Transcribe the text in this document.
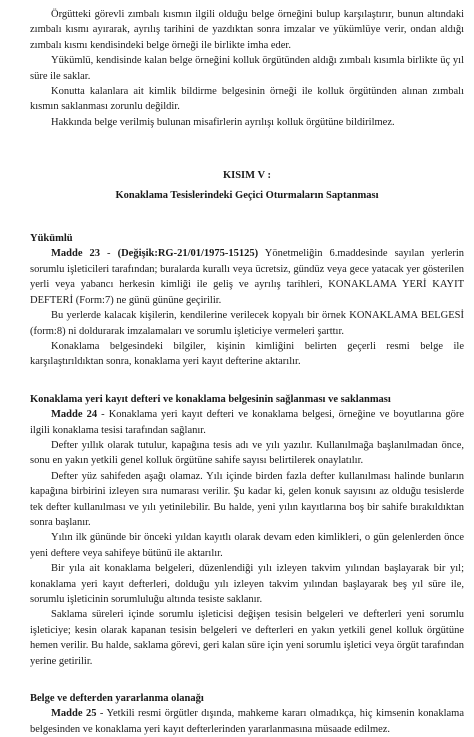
Örgütteki görevli zımbalı kısmın ilgili olduğu belge örneğini bulup karşılaştırır, bunun altındaki zımbalı kısmı ayırarak, ayrılış tarihini de yazdıktan sonra imzalar ve yükümlüye verir, ondan aldığı zımbalı kısmı kendisindeki belge örneği ile birlikte imha eder.

Yükümlü, kendisinde kalan belge örneğini kolluk örgütünden aldığı zımbalı kısımla birlikte üç yıl süre ile saklar.

Konutta kalanlara ait kimlik bildirme belgesinin örneği ile kolluk örgütünden alınan zımbalı kısmın saklanması zorunlu değildir.

Hakkında belge verilmiş bulunan misafirlerin ayrılışı kolluk örgütüne bildirilmez.

KISIM V :

Konaklama Tesislerindeki Geçici Oturmaların Saptanması

Yükümlü

Madde 23 - (Değişik:RG-21/01/1975-15125) Yönetmeliğin 6.maddesinde sayılan yerlerin sorumlu işleticileri tarafından; buralarda kurallı veya ücretsiz, gündüz veya gece yatacak yer gösterilen yerli veya yabancı herkesin kimliği ile geliş ve ayrılış tarihleri, KONAKLAMA YERİ KAYIT DEFTERİ (Form:7) ne günü gününe geçirilir.

Bu yerlerde kalacak kişilerin, kendilerine verilecek kopyalı bir örnek KONAKLAMA BELGESİ (form:8) ni doldurarak imzalamaları ve sorumlu işleticiye vermeleri şarttır.

Konaklama belgesindeki bilgiler, kişinin kimliğini belirten geçerli resmi belge ile karşılaştırıldıktan sonra, konaklama yeri kayıt defterine aktarılır.

Konaklama yeri kayıt defteri ve konaklama belgesinin sağlanması ve saklanması

Madde 24 - Konaklama yeri kayıt defteri ve konaklama belgesi, örneğine ve boyutlarına göre ilgili konaklama tesisi tarafından sağlanır.

Defter yıllık olarak tutulur, kapağına tesis adı ve yılı yazılır. Kullanılmağa başlanılmadan önce, sonu en yakın yetkili genel kolluk örgütüne sahife sayısı belirtilerek onaylatılır.

Defter yüz sahifeden aşağı olamaz. Yılı içinde birden fazla defter kullanılması halinde bunların kapağına birbirini izleyen sıra numarası verilir. Şu kadar ki, gelen konuk sayısını az olduğu tesislerde tek defter kullanılması ve yılı yetinilebilir. Bu halde, yeni yılın kayıtlarına boş bir sahife bırakıldıktan sonra başlanır.

Yılın ilk gününde bir önceki yıldan kayıtlı olarak devam eden kimlikleri, o gün gelenlerden önce yeni deftere veya sahifeye bütünü ile aktarılır.

Bir yıla ait konaklama belgeleri, düzenlendiği yılı izleyen takvim yılından başlayarak bir yıl; konaklama yeri kayıt defterleri, dolduğu yılı izleyen takvim yılından başlayarak beş yıl süre ile, sorumlu işleticinin sorumluluğu altında tesiste saklanır.

Saklama süreleri içinde sorumlu işleticisi değişen tesisin belgeleri ve defterleri yeni sorumlu işleticiye; kesin olarak kapanan tesisin belgeleri ve defterleri en yakın yetkili genel kolluk örgütüne hemen verilir. Bu halde, saklama görevi, geri kalan süre için yeni sorumlu işletici veya örgüt tarafından yerine getirilir.

Belge ve defterden yararlanma olanağı

Madde 25 - Yetkili resmi örgütler dışında, mahkeme kararı olmadıkça, hiç kimsenin konaklama belgesinden ve konaklama yeri kayıt defterlerinden yararlanmasına müsaade edilmez.
